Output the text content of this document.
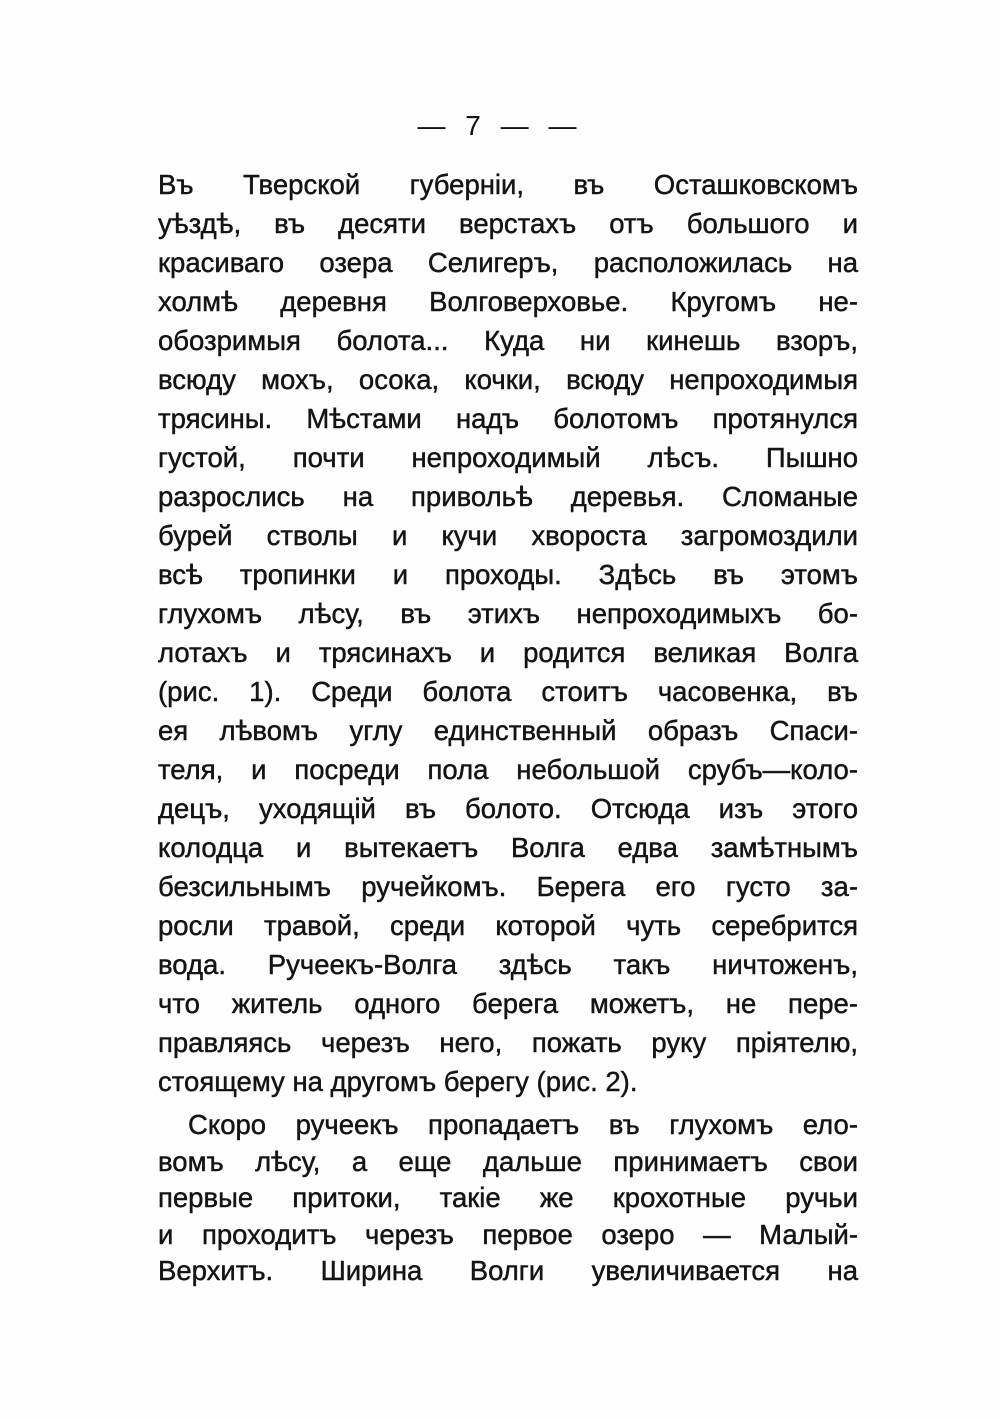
— 7 — —
Въ Тверской губерніи, въ Осташковскомъ
уѣздѣ, въ десяти верстахъ отъ большого и
красиваго озера Селигеръ, расположилась на
холмѣ деревня Волговерховье. Кругомъ не-
обозримыя болота... Куда ни кинешь взоръ,
всюду мохъ, осока, кочки, всюду непроходимыя
трясины. Мѣстами надъ болотомъ протянулся
густой, почти непроходимый лѣсъ. Пышно
разрослись на привольѣ деревья. Сломаные
бурей стволы и кучи хвороста загромоздили
всѣ тропинки и проходы. Здѣсь въ этомъ
глухомъ лѣсу, въ этихъ непроходимыхъ бо-
лотахъ и трясинахъ и родится великая Волга
(рис. 1). Среди болота стоитъ часовенка, въ
ея лѣвомъ углу единственный образъ Спаси-
теля, и посреди пола небольшой срубъ—коло-
децъ, уходящій въ болото. Отсюда изъ этого
колодца и вытекаетъ Волга едва замѣтнымъ
безсильнымъ ручейкомъ. Берега его густо за-
росли травой, среди которой чуть серебрится
вода. Ручеекъ-Волга здѣсь такъ ничтоженъ,
что житель одного берега можетъ, не пере-
правляясь черезъ него, пожать руку пріятелю,
стоящему на другомъ берегу (рис. 2).
Скоро ручеекъ пропадаетъ въ глухомъ ело-
вомъ лѣсу, а еще дальше принимаетъ свои
первые притоки, такіе же крохотные ручьи
и проходитъ черезъ первое озеро — Малый-
Верхитъ. Ширина Волги увеличивается на
